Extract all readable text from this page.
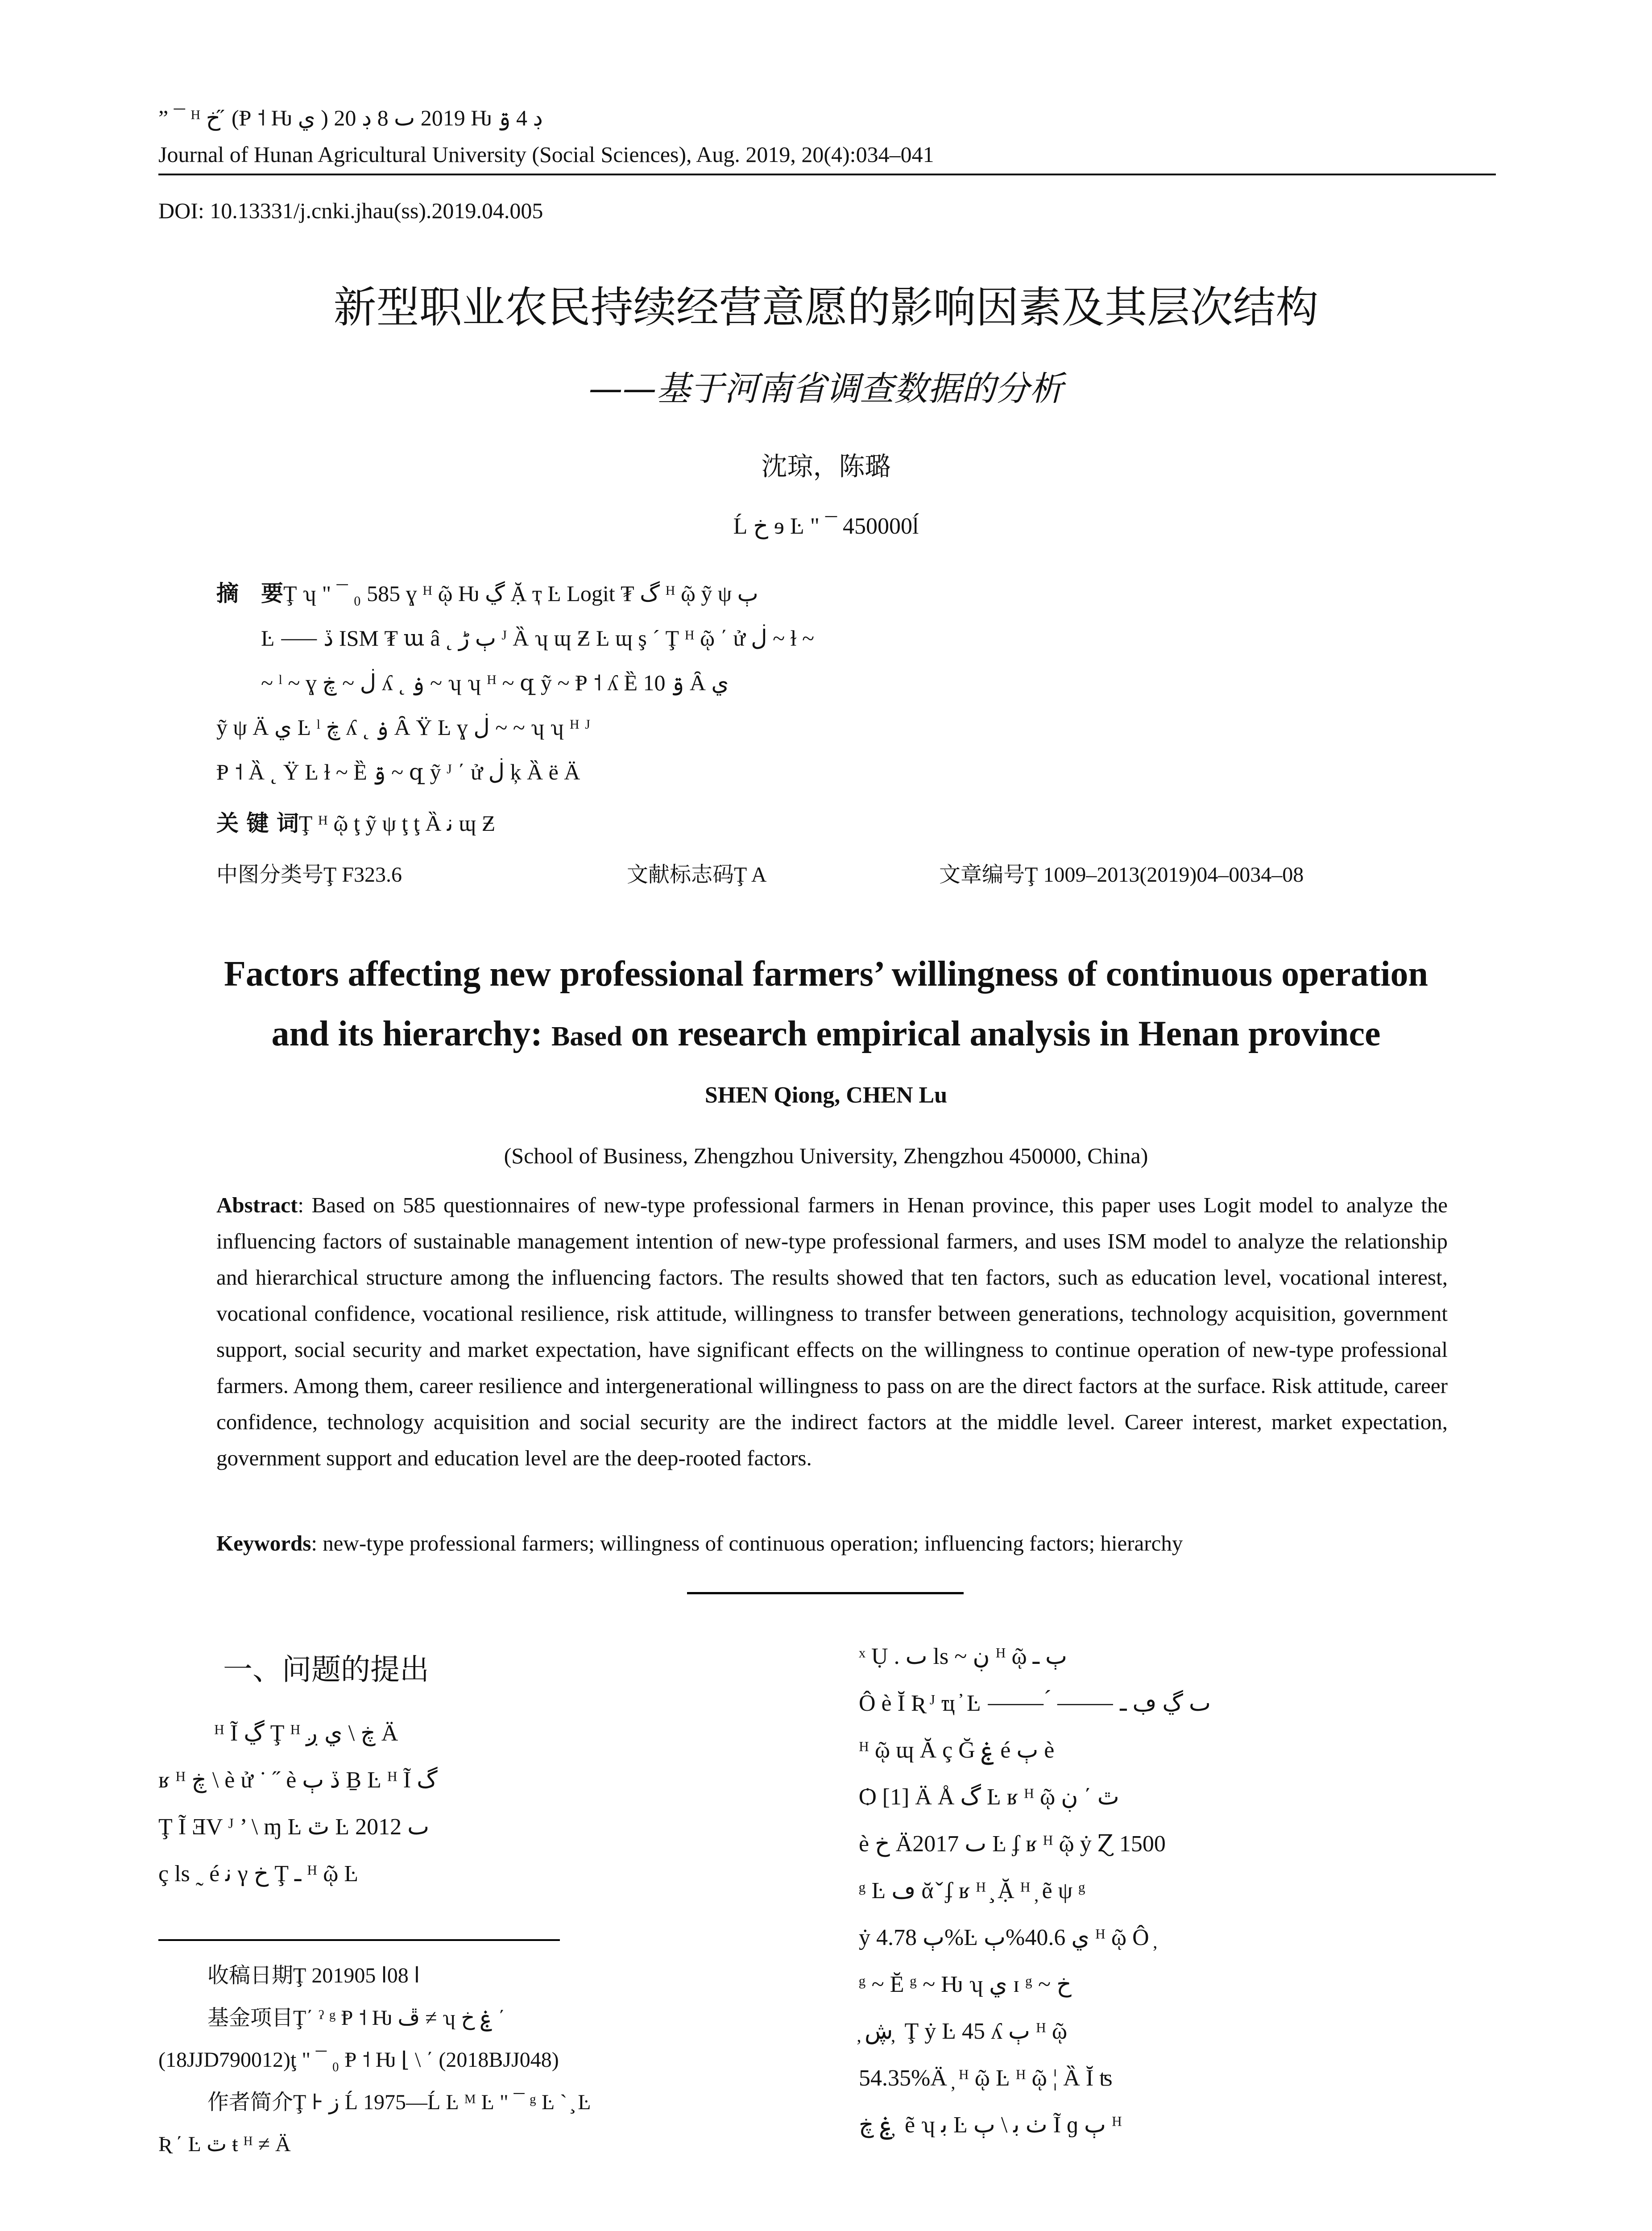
” ¯ ᴴ خ ̋ (Ᵽ ˦ Ƕ ي ) 2019 ٮ 8 ڊ 20 Ƕ ڊ 4 ۊ
Journal of Hunan Agricultural University (Social Sciences), Aug. 2019, 20(4):034–041
DOI: 10.13331/j.cnki.jhau(ss).2019.04.005
新型职业农民持续经营意愿的影响因素及其层次结构
——基于河南省调查数据的分析
沈琼，陈璐
Ĺ خ ɘ Ŀ " ¯ 450000ĺ
摘　要Ţ ʮ " ¯ ₀ 585 ɣ ᴴ ῷ Ƕ ڲ Ặ ҭ Ŀ Logit ₮ گ ᴴ ῷ ỹ ψ ٻ
Ŀ ⸺ ڏ ISM ₮ ա â ˛ ٻ ڑ ᴶ Ȁ ʮ ɰ Ƶ Ŀ ɰ ş ´ Ţ ᴴ ῷ ΄ ử ڶ ~ ɫ ~
~ ˡ ~ ɣ ڶ ~ ڿ ʎ ˛ ۏ ~ ʮ ʮ ᴴ ~ զ ỹ ~ Ᵽ ˦ ʎ Ȅ ۊ 10 Ȃ ي
ỹ ψ Ä ي Ŀ ˡ ڿ ʎ ˛ ۏ Ȃ Ÿ Ŀ ɣ ڶ ~ ~ ʮ ʮ ᴴ ᴶ
Ᵽ ˦ Ȁ ˛ Ÿ Ŀ ɫ ~ Ȅ ۊ ~ զ ỹ ᴶ ΄ ử ڶ ķ Ȁ ë Ä
关 键 词Ţ ᴴ ῷ ţ ỹ ψ ţ ţ Ȁ ﻧ ɰ Ƶ
中图分类号Ţ F323.6	文献标志码Ţ A	文章编号Ţ 1009–2013(2019)04–0034–08
Factors affecting new professional farmers’ willingness of continuous operation
and its hierarchy: Based on research empirical analysis in Henan province
SHEN Qiong, CHEN Lu
(School of Business, Zhengzhou University, Zhengzhou 450000, China)
Abstract: Based on 585 questionnaires of new-type professional farmers in Henan province, this paper uses Logit model to analyze the influencing factors of sustainable management intention of new-type professional farmers, and uses ISM model to analyze the relationship and hierarchical structure among the influencing factors. The results showed that ten factors, such as education level, vocational interest, vocational confidence, vocational resilience, risk attitude, willingness to transfer between generations, technology acquisition, government support, social security and market expectation, have significant effects on the willingness to continue operation of new-type professional farmers. Among them, career resilience and intergenerational willingness to pass on are the direct factors at the surface. Risk attitude, career confidence, technology acquisition and social security are the indirect factors at the middle level. Career interest, market expectation, government support and education level are the deep-rooted factors.
Keywords: new-type professional farmers; willingness of continuous operation; influencing factors; hierarchy
一、问题的提出
ᴴ Ĩ ڲ Ţ ᴴ ڿ \ ي ږ Ä
ʁ ᴴ ڿ \ è ử ˙ ˝ è ڏ ٻ Ḇ Ŀ ᴴ Ĩ گ
Ţ Ĩ ƎV ᴶ ’ \ ɱ Ŀ ٿ Ŀ 2012 ٮ
ç ls ˷ é ﻧ γ خ Ţ ـ ᴴ ῷ Ŀ
收稿日期Ţ 2019ﺍ 08ﺍ 05
基金项目Ţ΄ ˀ ᵍ Ᵽ ˦ Ƕ ڦ ≠ ʮ ۼ خ ΄
(18JJD790012)ţ " ¯ ₀ Ᵽ ˦ Ƕ ⌊ \ ΄ (2018BJJ048)
作者简介Ţ ⊦ ز Ĺ 1975—Ĺ Ŀ ᴹ Ŀ " ¯ ᵍ Ŀ ˋ ̧ Ŀ
Ʀ ΄ Ŀ ٿ ŧ ᴴ ≠ Ä
ˣ Ụ . ٮ ls ~ ڹ ᴴ ῷ ٻ ـ
Ô è Ĭ Ʀ ᴶ ҵ ̓ Ŀ ⸻ ́ ⸻ ٮ ڲ ڢ ـ
ᴴ ῷ ɰ Ă ç Ğ ۼ é ٻ è
Ѻ [1] Ä Å گ Ŀ ʁ ᴴ ῷ ٿ ΄ ڹ
è خ Ä2017 ٮ Ŀ ʄ ʁ ᴴ ῷ ẏ Ɀ 1500
ᵍ Ŀ ڡ ᾰ ̌ ʄ ʁ ᴴ ̧ Ặ ᴴ ̦ ẽ ψ ᵍ
ẏ ٻ 4.78%Ŀ ي 40.6%ٻ ᴴ ῷ Ô ̦
ᵍ ~ Ĕ ᵍ ~ Ƕ ʮ ي ɪ ᵍ ~ خ
̦ ڜ ̦ Ţ ẏ Ŀ 45 ʎ ٻ ᴴ ῷ
54.35%Ä ̦ ᴴ ῷ Ŀ ᴴ ῷ ¦ Ȁ Ĭ ʦ
ۼ ڿ ̦ ẽ ʮ ﺑ Ŀ ٺ ﺑ \ ٻ Ĩ ɡ ٻ ᴴ
